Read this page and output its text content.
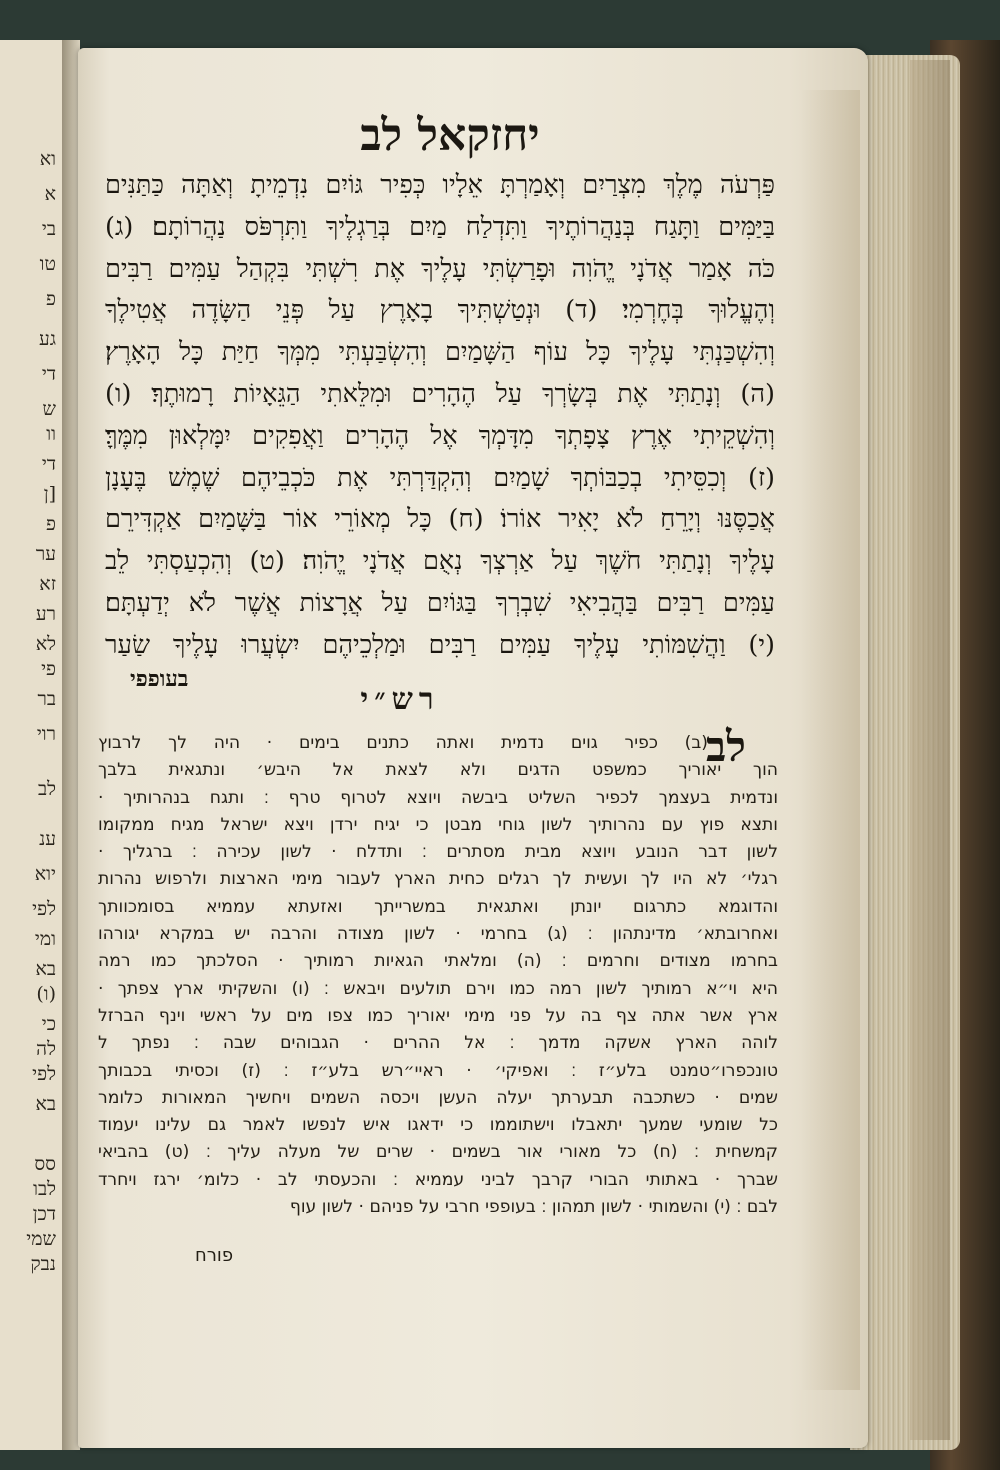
וא
א
בי
טו
פ
גע
די
ש
וו
די
[ן
פ
ער
זא
רע
לא
פי
בר
רוי
לב
ענ
יוא
לפי
ומי
בא
(ו)
כי
לה
לפי
בא
סס
לבו
דכן
שמי
נבק
יחזקאל לב
פַּרְעֹה מֶלֶךְ מִצְרַיִם וְאָמַרְתָּ אֵלָיו כְּפִיר גּוֹיִם נִדְמֵיתָ וְאַתָּה כַּתַּנִּים
בַּיַּמִּים וַתָּגַח בְּנַהֲרוֹתֶיךָ וַתִּדְלַח מַיִם בְּרַגְלֶיךָ וַתִּרְפֹּס נַהֲרוֹתָם׃ (ג)
כֹּה אָמַר אֲדֹנָי יֱהֹוִה וּפָרַשְׂתִּי עָלֶיךָ אֶת רִשְׁתִּי בִּקְהַל עַמִּים רַבִּים
וְהֶעֱלוּךָ בְּחֶרְמִי׃ (ד) וּנְטַשְׁתִּיךָ בָאָרֶץ עַל פְּנֵי הַשָּׂדֶה אֲטִילֶךָ
וְהִשְׁכַּנְתִּי עָלֶיךָ כָּל עוֹף הַשָּׁמַיִם וְהִשְׂבַּעְתִּי מִמְּךָ חַיַּת כָּל הָאָרֶץ׃
(ה) וְנָתַתִּי אֶת בְּשָׂרְךָ עַל הֶהָרִים וּמִלֵּאתִי הַגֵּאָיוֹת רָמוּתֶךָ׃ (ו)
וְהִשְׁקֵיתִי אֶרֶץ צָפָתְךָ מִדָּמְךָ אֶל הֶהָרִים וַאֲפִקִים יִמָּלְאוּן מִמֶּךָּ׃
(ז) וְכִסֵּיתִי בְכַבּוֹתְךָ שָׁמַיִם וְהִקְדַּרְתִּי אֶת כֹּכְבֵיהֶם שֶׁמֶשׁ בֶּעָנָן
אֲכַסֶּנּוּ וְיָרֵחַ לֹא יָאִיר אוֹרוֹ׃ (ח) כָּל מְאוֹרֵי אוֹר בַּשָּׁמַיִם אַקְדִּירֵם
עָלֶיךָ וְנָתַתִּי חֹשֶׁךְ עַל אַרְצְךָ נְאֻם אֲדֹנָי יֱהֹוִה׃ (ט) וְהִכְעַסְתִּי לֵב
עַמִּים רַבִּים בַּהֲבִיאִי שִׁבְרְךָ בַּגּוֹיִם עַל אֲרָצוֹת אֲשֶׁר לֹא יְדַעְתָּם׃
(י) וַהֲשִׁמּוֹתִי עָלֶיךָ עַמִּים רַבִּים וּמַלְכֵיהֶם יִשְׂעֲרוּ עָלֶיךָ שַׂעַר
בעופפי
רש״י
לב
(ב) כפיר גוים נדמית ואתה כתנים בימים · היה לך לרבוץ
הוך יאוריך כמשפט הדגים ולא לצאת אל היבש׳ ונתגאית בלבך
ונדמית בעצמך לכפיר השליט ביבשה ויוצא לטרוף טרף ׃ ותגח בנהרותיך ·
ותצא פוץ עם נהרותיך לשון גוחי מבטן כי יגיח ירדן ויצא ישראל מגיח ממקומו
לשון דבר הנובע ויוצא מבית מסתרים ׃ ותדלח · לשון עכירה ׃ ברגליך ·
רגלי׳ לא היו לך ועשית לך רגלים כחית הארץ לעבור מימי הארצות ולרפוש נהרות
והדוגמא כתרגום יונתן ואתגאית במשרייתך ואזעתא עממיא בסומכוותך
ואחרובתא׳ מדינתהון ׃ (ג) בחרמי · לשון מצודה והרבה יש במקרא יגורהו
בחרמו מצודים וחרמים ׃ (ה) ומלאתי הגאיות רמותיך · הסלכתך כמו רמה
היא וי״א רמותיך לשון רמה כמו וירם תולעים ויבאש ׃ (ו) והשקיתי ארץ צפתך ·
ארץ אשר אתה צף בה על פני מימי יאוריך כמו צפו מים על ראשי וינף הברזל
לוהה הארץ אשקה מדמך ׃ אל ההרים · הגבוהים שבה ׃ נפתך ל
טונכפרו״טמנט בלע״ז ׃ ואפיקי׳ · ראיי״רש בלע״ז ׃ (ז) וכסיתי בכבותך
שמים · כשתכבה תבערתך יעלה העשן ויכסה השמים ויחשיך המאורות כלומר
כל שומעי שמעך יתאבלו וישתוממו כי ידאגו איש לנפשו לאמר גם עלינו יעמוד
קמשחית ׃ (ח) כל מאורי אור בשמים · שרים של מעלה עליך ׃ (ט) בהביאי
שברך · באתותי הבורי קרבך לביני עממיא ׃ והכעסתי לב · כלומ׳ ירגז ויחרד
לבם ׃ (י) והשמותי · לשון תמהון ׃ בעופפי חרבי על פניהם · לשון עוף
פורח
